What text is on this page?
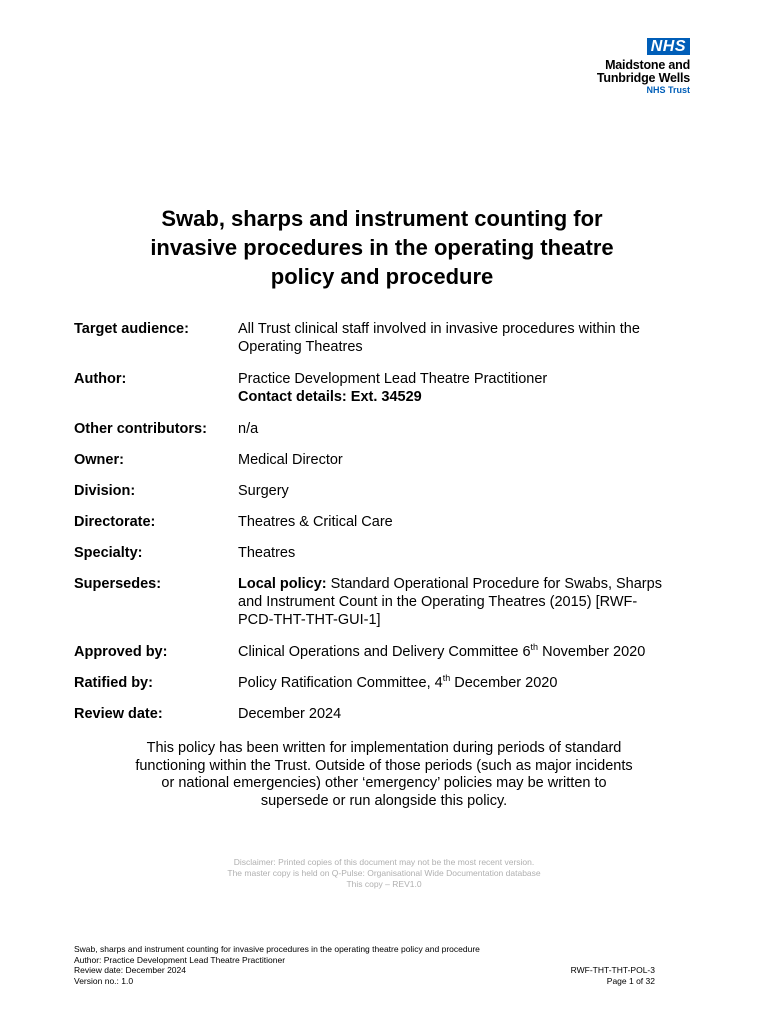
NHS
Maidstone and
Tunbridge Wells
NHS Trust
Swab, sharps and instrument counting for
invasive procedures in the operating theatre
policy and procedure
Target audience:	All Trust clinical staff involved in invasive procedures within the
Operating Theatres
Author:	Practice Development Lead Theatre Practitioner
Contact details: Ext. 34529
Other contributors:	n/a
Owner:	Medical Director
Division:	Surgery
Directorate:	Theatres & Critical Care
Specialty:	Theatres
Supersedes:	Local policy: Standard Operational Procedure for Swabs, Sharps
and Instrument Count in the Operating Theatres (2015) [RWF-
PCD-THT-THT-GUI-1]
Approved by:	Clinical Operations and Delivery Committee 6th November 2020
Ratified by:	Policy Ratification Committee, 4th December 2020
Review date:	December 2024
This policy has been written for implementation during periods of standard
functioning within the Trust. Outside of those periods (such as major incidents
or national emergencies) other ‘emergency’ policies may be written to
supersede or run alongside this policy.
Disclaimer: Printed copies of this document may not be the most recent version.
The master copy is held on Q-Pulse: Organisational Wide Documentation database
This copy – REV1.0
Swab, sharps and instrument counting for invasive procedures in the operating theatre policy and procedure
Author: Practice Development Lead Theatre Practitioner
Review date: December 2024	RWF-THT-THT-POL-3
Version no.: 1.0	Page 1 of 32
